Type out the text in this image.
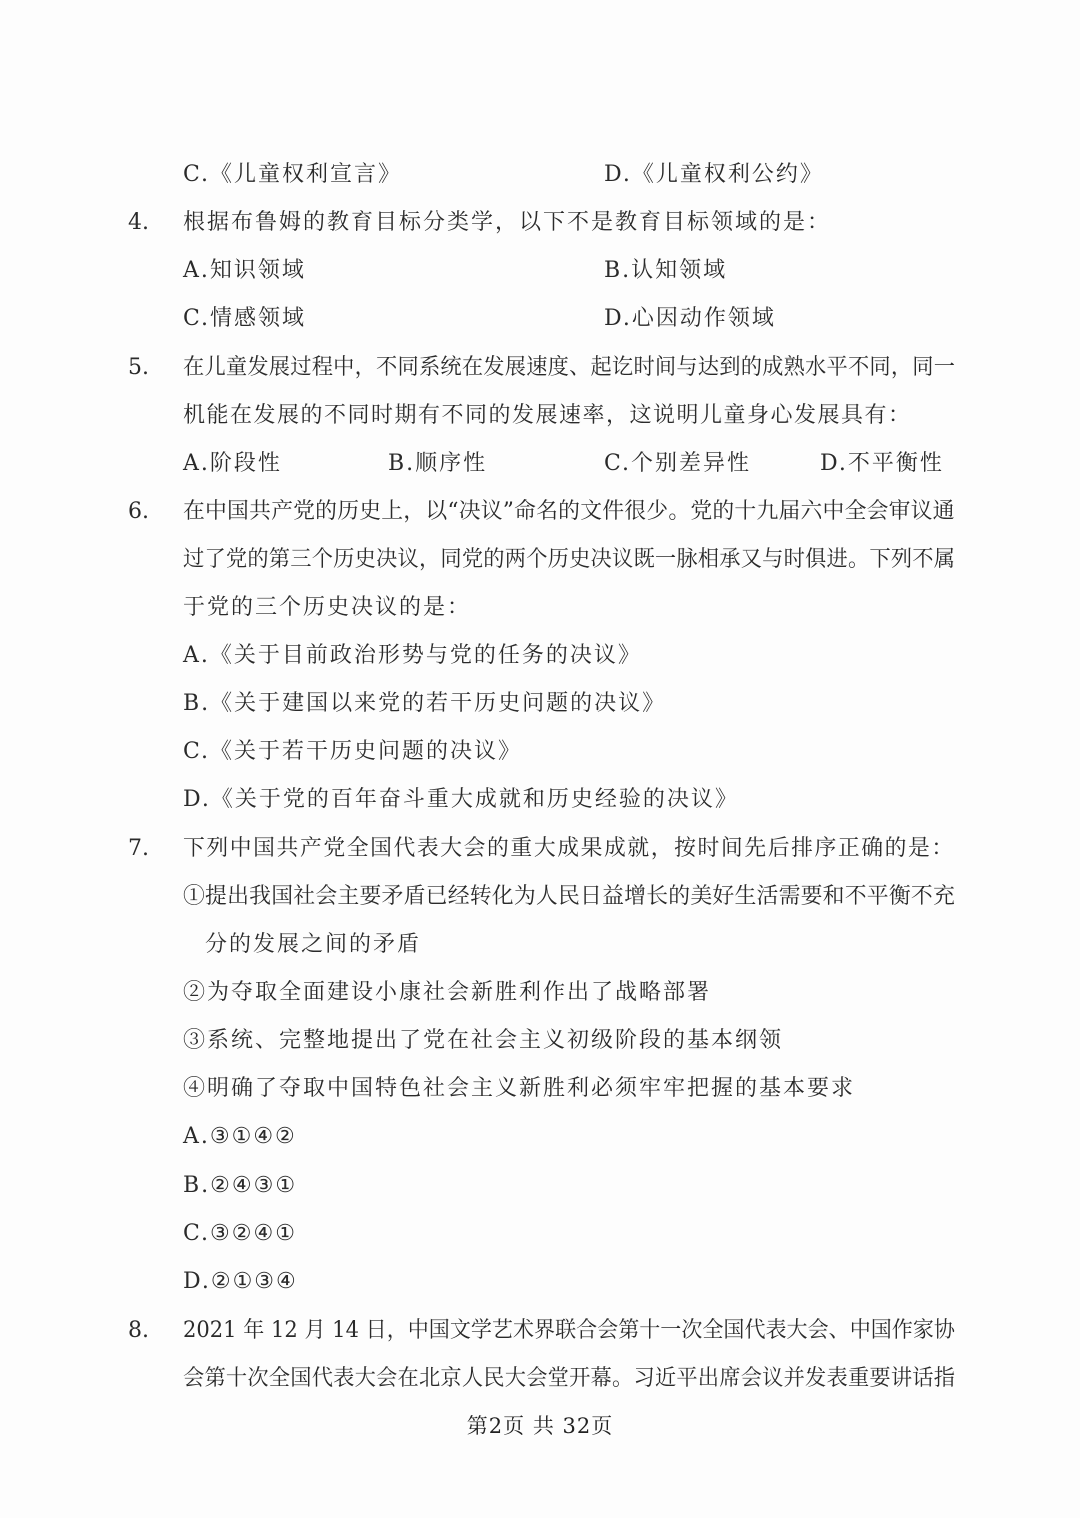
C.《儿童权利宣言》	D.《儿童权利公约》
4. 根据布鲁姆的教育目标分类学，以下不是教育目标领域的是：
A.知识领域	B.认知领域
C.情感领域	D.心因动作领域
5. 在儿童发展过程中，不同系统在发展速度、起讫时间与达到的成熟水平不同，同一
机能在发展的不同时期有不同的发展速率，这说明儿童身心发展具有：
A.阶段性	B.顺序性	C.个别差异性	D.不平衡性
6. 在中国共产党的历史上，以“决议”命名的文件很少。党的十九届六中全会审议通
过了党的第三个历史决议，同党的两个历史决议既一脉相承又与时俱进。下列不属
于党的三个历史决议的是：
A.《关于目前政治形势与党的任务的决议》
B.《关于建国以来党的若干历史问题的决议》
C.《关于若干历史问题的决议》
D.《关于党的百年奋斗重大成就和历史经验的决议》
7. 下列中国共产党全国代表大会的重大成果成就，按时间先后排序正确的是：
①提出我国社会主要矛盾已经转化为人民日益增长的美好生活需要和不平衡不充
分的发展之间的矛盾
②为夺取全面建设小康社会新胜利作出了战略部署
③系统、完整地提出了党在社会主义初级阶段的基本纲领
④明确了夺取中国特色社会主义新胜利必须牢牢把握的基本要求
A.③①④②
B.②④③①
C.③②④①
D.②①③④
8. 2021 年 12 月 14 日，中国文学艺术界联合会第十一次全国代表大会、中国作家协
会第十次全国代表大会在北京人民大会堂开幕。习近平出席会议并发表重要讲话指
第2页 共 32页
